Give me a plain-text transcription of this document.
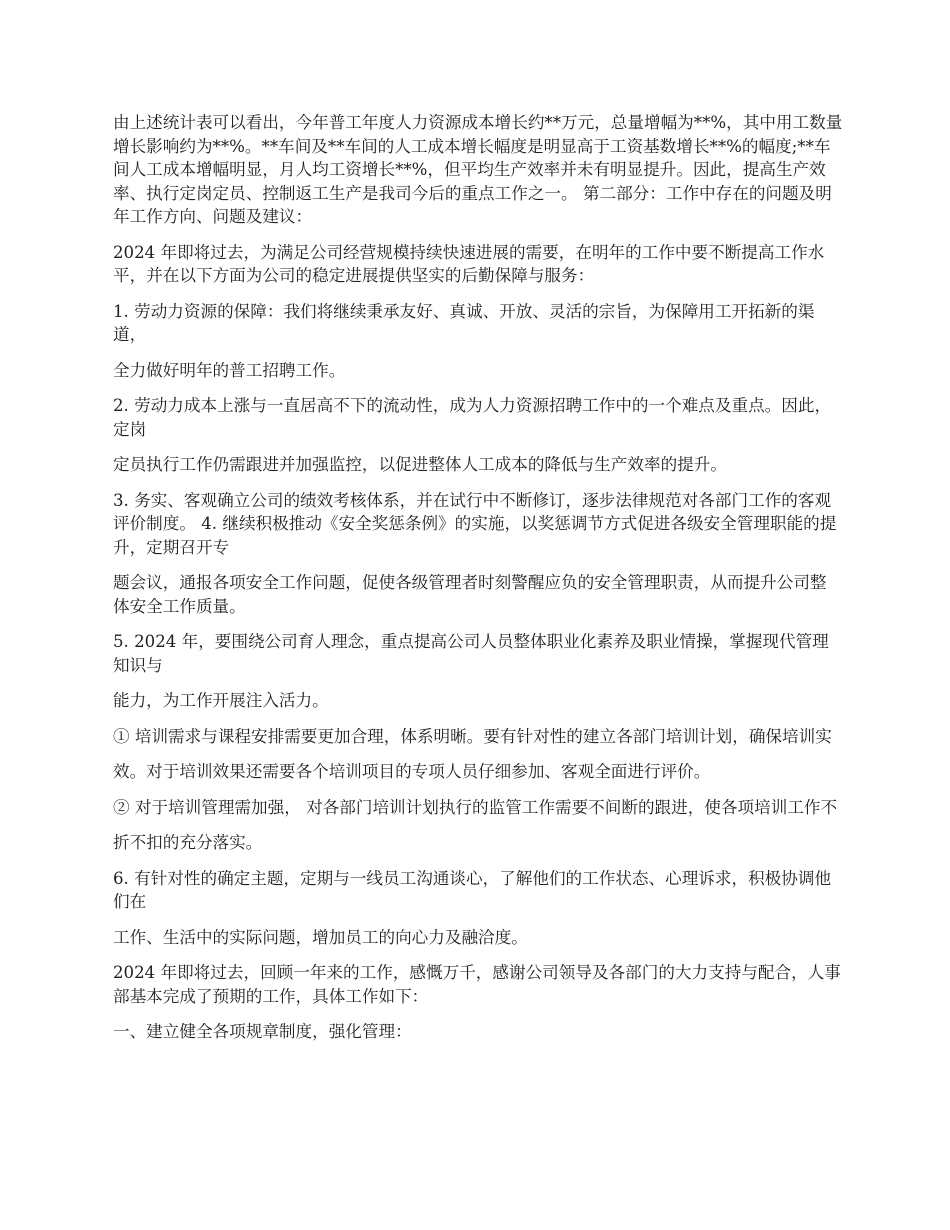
由上述统计表可以看出，今年普工年度人力资源成本增长约**万元，总量增幅为**%，其中用工数量增长影响约为**%。**车间及**车间的人工成本增长幅度是明显高于工资基数增长**%的幅度;**车间人工成本增幅明显，月人均工资增长**%，但平均生产效率并未有明显提升。因此，提高生产效率、执行定岗定员、控制返工生产是我司今后的重点工作之一。 第二部分：工作中存在的问题及明年工作方向、问题及建议：

2024 年即将过去，为满足公司经营规模持续快速进展的需要，在明年的工作中要不断提高工作水平，并在以下方面为公司的稳定进展提供坚实的后勤保障与服务：

1. 劳动力资源的保障：我们将继续秉承友好、真诚、开放、灵活的宗旨，为保障用工开拓新的渠道，

全力做好明年的普工招聘工作。

2. 劳动力成本上涨与一直居高不下的流动性，成为人力资源招聘工作中的一个难点及重点。因此，定岗

定员执行工作仍需跟进并加强监控，以促进整体人工成本的降低与生产效率的提升。

3. 务实、客观确立公司的绩效考核体系，并在试行中不断修订，逐步法律规范对各部门工作的客观评价制度。 4. 继续积极推动《安全奖惩条例》的实施，以奖惩调节方式促进各级安全管理职能的提升，定期召开专

题会议，通报各项安全工作问题，促使各级管理者时刻警醒应负的安全管理职责，从而提升公司整体安全工作质量。

5. 2024 年，要围绕公司育人理念，重点提高公司人员整体职业化素养及职业情操，掌握现代管理知识与

能力，为工作开展注入活力。

① 培训需求与课程安排需要更加合理，体系明晰。要有针对性的建立各部门培训计划，确保培训实

效。对于培训效果还需要各个培训项目的专项人员仔细参加、客观全面进行评价。

② 对于培训管理需加强， 对各部门培训计划执行的监管工作需要不间断的跟进，使各项培训工作不

折不扣的充分落实。

6. 有针对性的确定主题，定期与一线员工沟通谈心，了解他们的工作状态、心理诉求，积极协调他们在

工作、生活中的实际问题，增加员工的向心力及融洽度。

2024 年即将过去，回顾一年来的工作，感慨万千，感谢公司领导及各部门的大力支持与配合，人事部基本完成了预期的工作，具体工作如下：

一、建立健全各项规章制度，强化管理：
